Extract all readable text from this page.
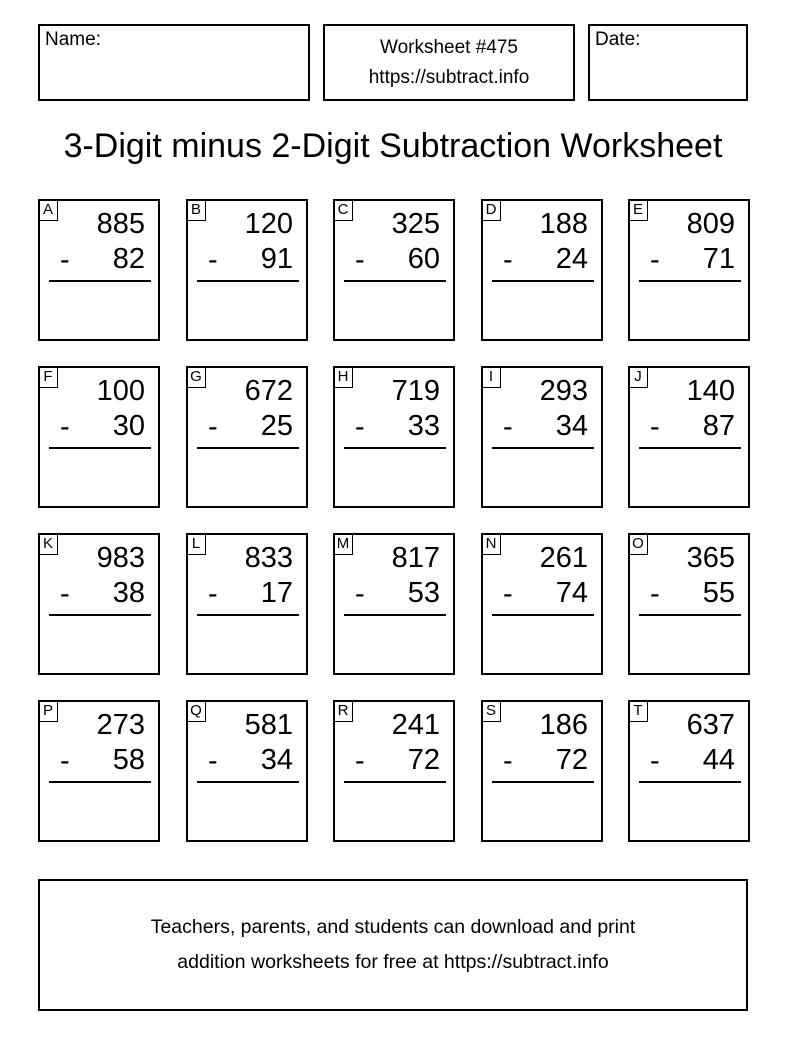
Name:	Worksheet #475
https://subtract.info
Date:
3-Digit minus 2-Digit Subtraction Worksheet
A 885
- 82
B 120
- 91
C 325
- 60
D 188
- 24
E 809
- 71
F 100
- 30
G 672
- 25
H 719
- 33
I 293
- 34
J 140
- 87
K 983
- 38
L 833
- 17
M 817
- 53
N 261
- 74
O 365
- 55
P 273
- 58
Q 581
- 34
R 241
- 72
S 186
- 72
T 637
- 44
Teachers, parents, and students can download and print
addition worksheets for free at https://subtract.info
